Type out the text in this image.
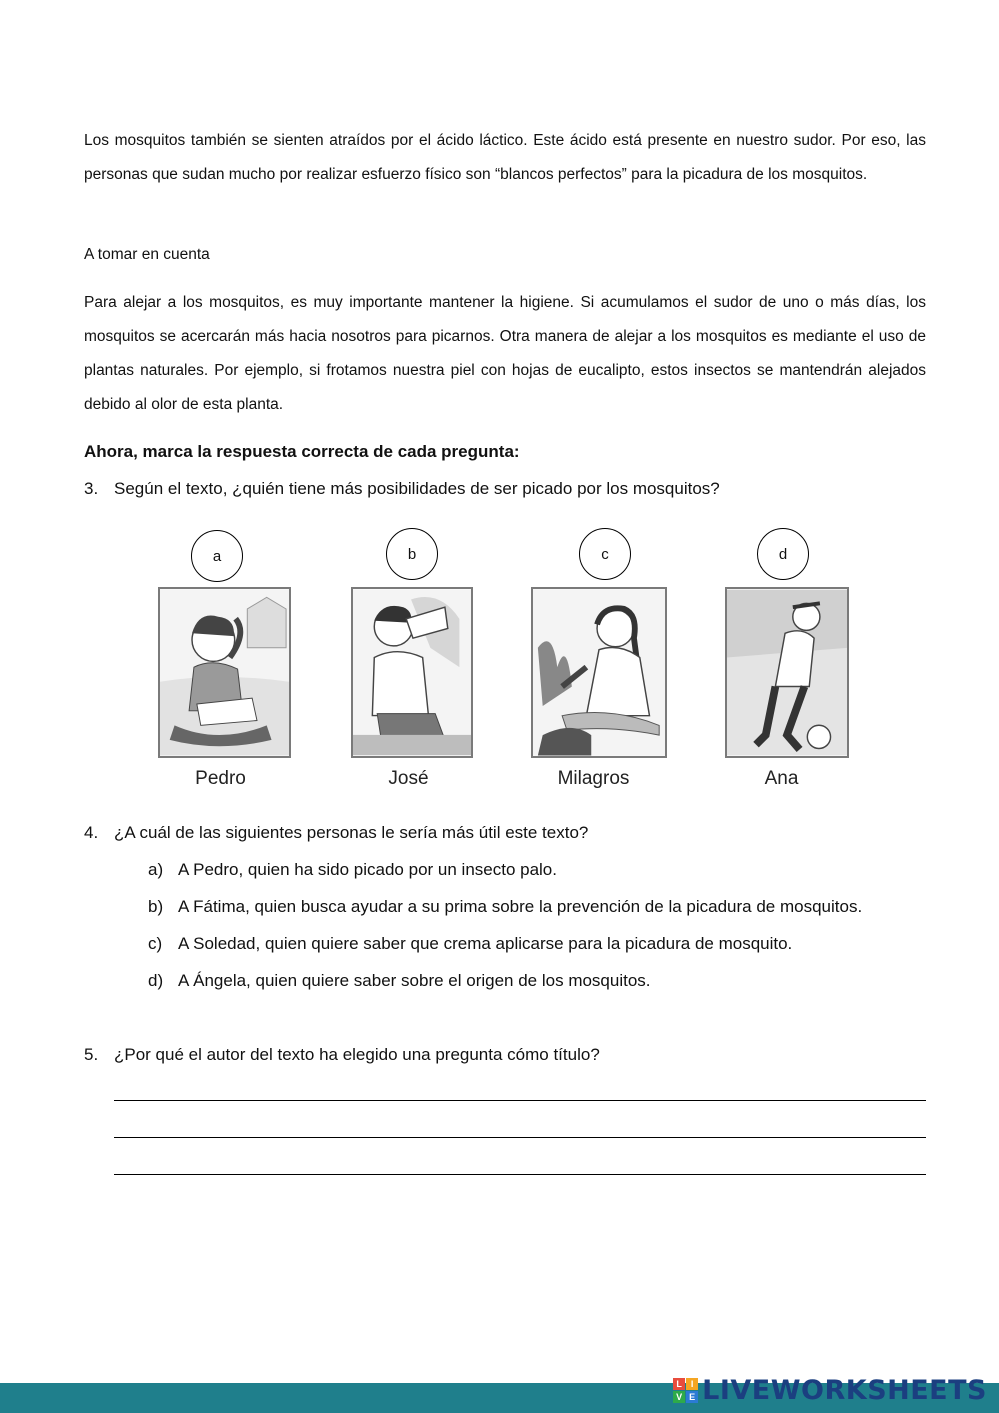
Los mosquitos también se sienten atraídos por el ácido láctico. Este ácido está presente en nuestro sudor. Por eso, las personas que sudan mucho por realizar esfuerzo físico son “blancos perfectos” para la picadura de los mosquitos.

A tomar en cuenta

Para alejar a los mosquitos, es muy importante mantener la higiene. Si acumulamos el sudor de uno o más días, los mosquitos se acercarán más hacia nosotros para picarnos. Otra manera de alejar a los mosquitos es mediante el uso de plantas naturales. Por ejemplo, si frotamos nuestra piel con hojas de eucalipto, estos insectos se mantendrán alejados debido al olor de esta planta.

Ahora, marca la respuesta correcta de cada pregunta:

3. Según el texto, ¿quién tiene más posibilidades de ser picado por los mosquitos?

a	b	c	d
Pedro	José	Milagros	Ana

4. ¿A cuál de las siguientes personas le sería más útil este texto?

a) A Pedro, quien ha sido picado por un insecto palo.

b) A Fátima, quien busca ayudar a su prima sobre la prevención de la picadura de mosquitos.

c) A Soledad, quien quiere saber que crema aplicarse para la picadura de mosquito.

d) A Ángela, quien quiere saber sobre el origen de los mosquitos.

5. ¿Por qué el autor del texto ha elegido una pregunta cómo título?

L I
V E LIVEWORKSHEETS
